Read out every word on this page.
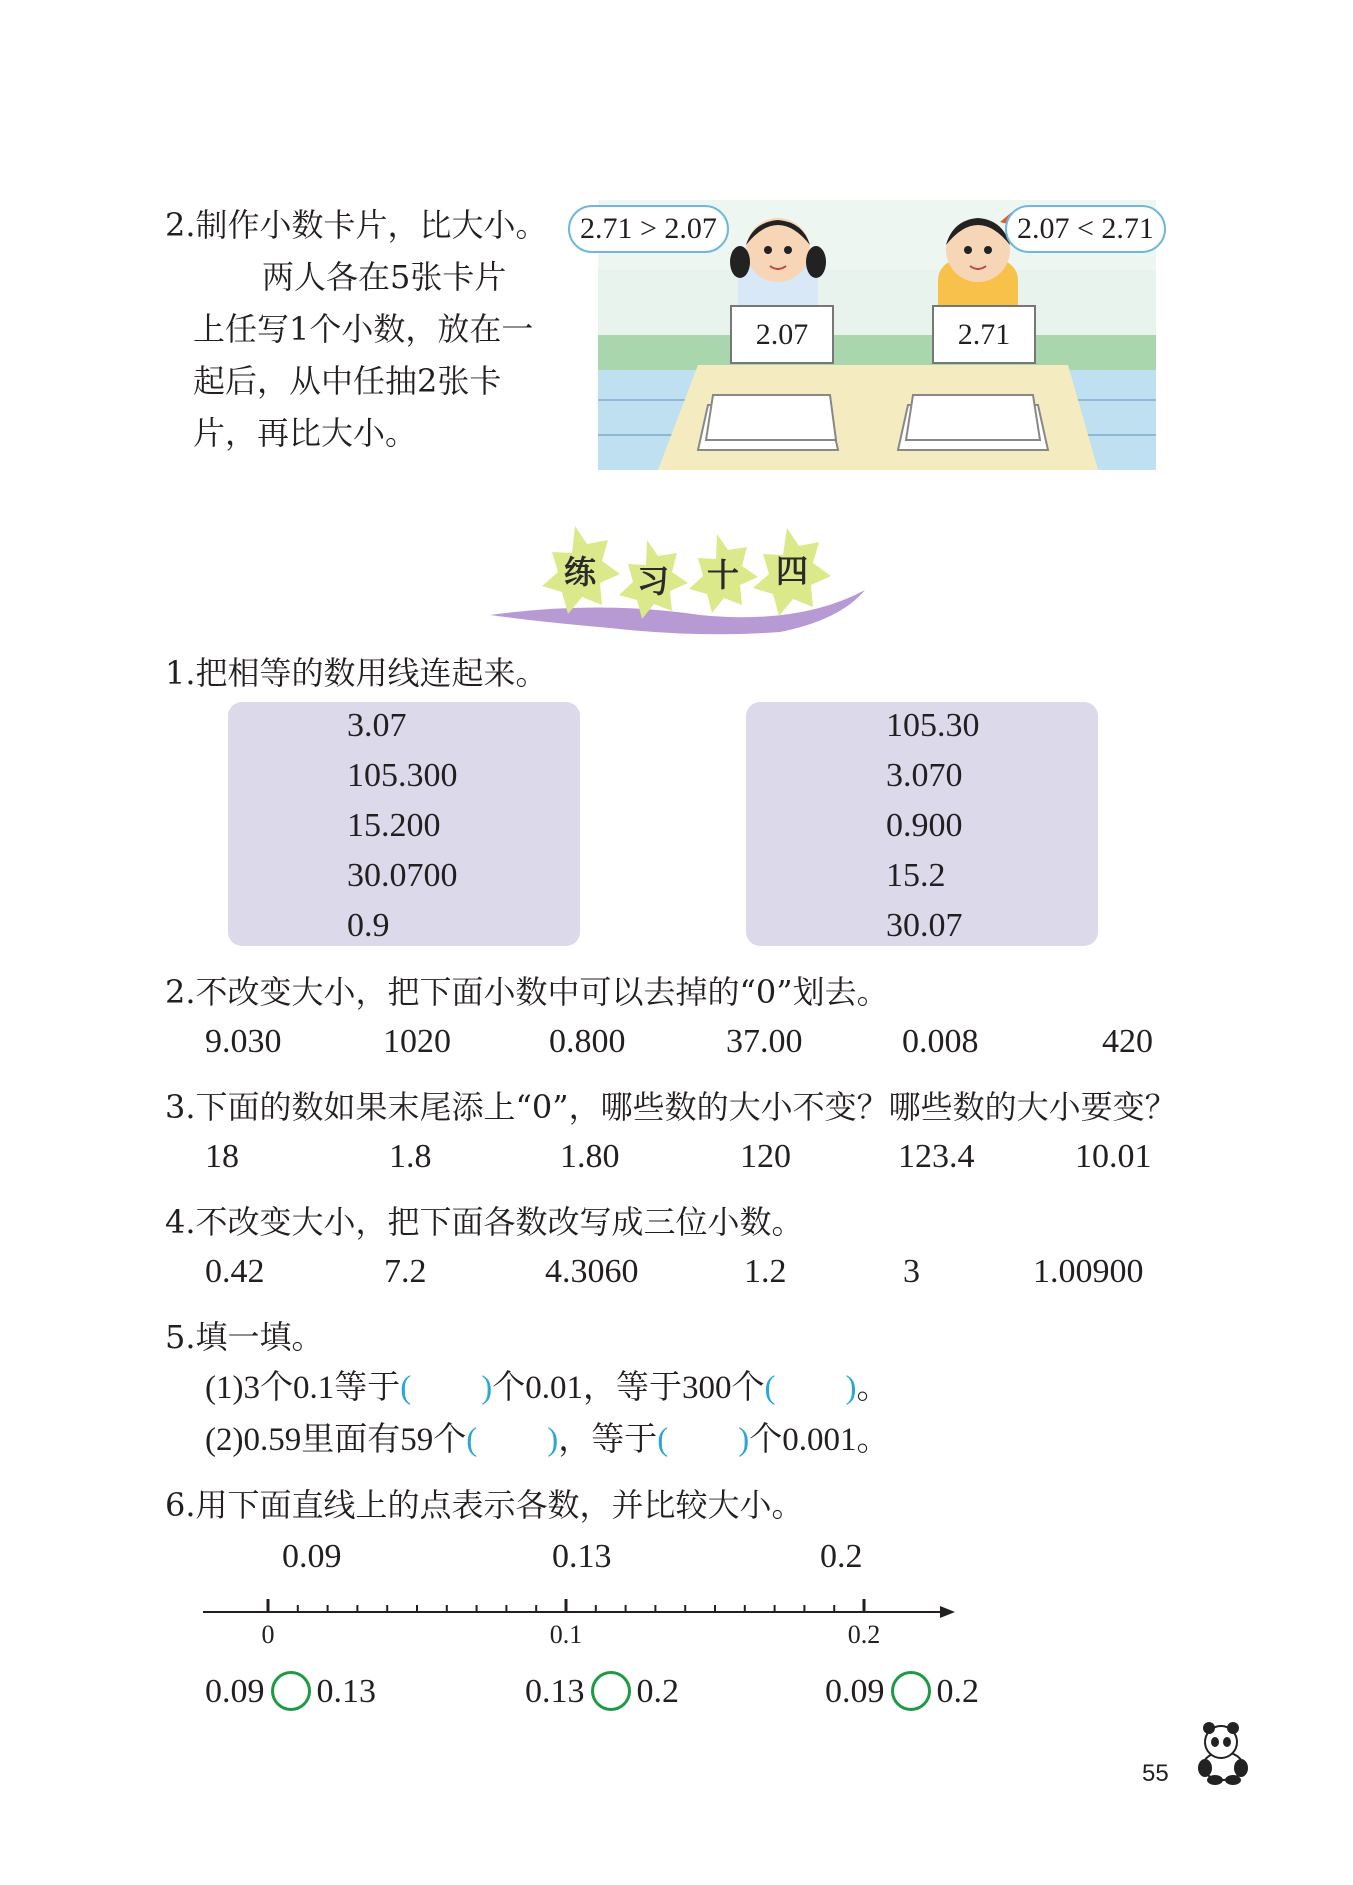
2.制作小数卡片，比大小。
两人各在5张卡片
上任写1个小数，放在一
起后，从中任抽2张卡
片，再比大小。
2.07	2.71
2.71 > 2.07	2.07 < 2.71
练 习 十 四
1.把相等的数用线连起来。
3.07
105.300
15.200
30.0700
0.9
105.30
3.070
0.900
15.2
30.07
2.不改变大小，把下面小数中可以去掉的“0”划去。
9.030	1020	0.800	37.00	0.008	420
3.下面的数如果末尾添上“0”，哪些数的大小不变？哪些数的大小要变？
18	1.8	1.80	120	123.4	10.01
4.不改变大小，把下面各数改写成三位小数。
0.42	7.2	4.3060	1.2	3	1.00900
5.填一填。
(1)3个0.1等于( )个0.01，等于300个( )。
(2)0.59里面有59个( )，等于( )个0.001。
6.用下面直线上的点表示各数，并比较大小。
0.09	0.13	0.2
0	0.1	0.2
0.09 0.13	0.13 0.2	0.09 0.2
55
